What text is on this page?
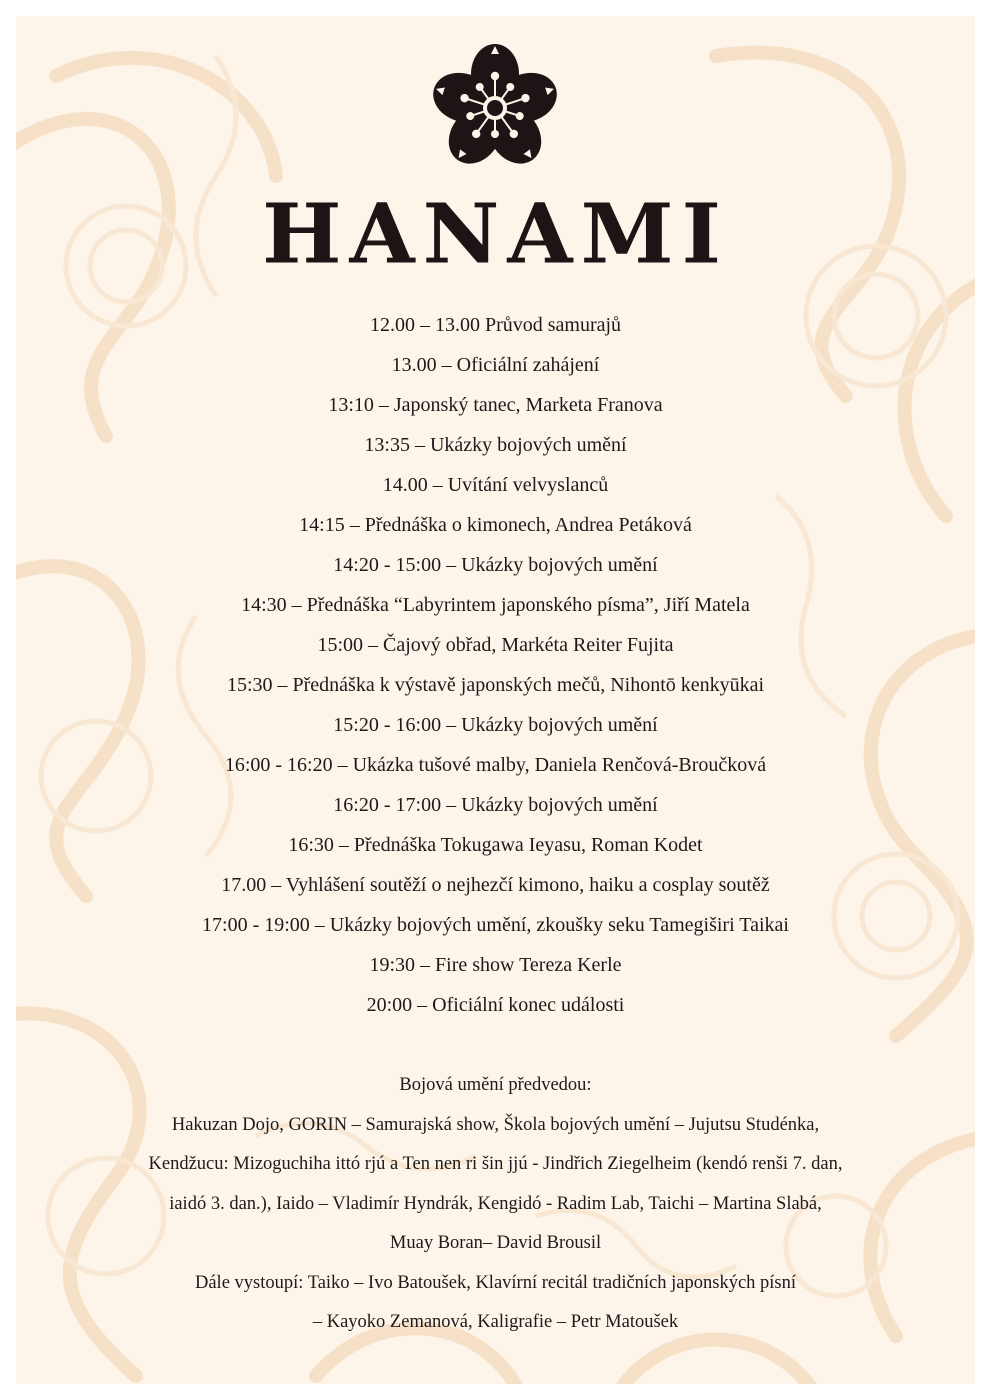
HANAMI
12.00 – 13.00 Průvod samurajů
13.00 – Oficiální zahájení
13:10 – Japonský tanec, Marketa Franova
13:35 – Ukázky bojových umění
14.00 – Uvítání velvyslanců
14:15 – Přednáška o kimonech, Andrea Petáková
14:20 - 15:00 – Ukázky bojových umění
14:30 – Přednáška “Labyrintem japonského písma”, Jiří Matela
15:00 – Čajový obřad, Markéta Reiter Fujita
15:30 – Přednáška k výstavě japonských mečů, Nihontō kenkyūkai
15:20 - 16:00 – Ukázky bojových umění
16:00 - 16:20 – Ukázka tušové malby, Daniela Renčová-Broučková
16:20 - 17:00 – Ukázky bojových umění
16:30 – Přednáška Tokugawa Ieyasu, Roman Kodet
17.00 – Vyhlášení soutěží o nejhezčí kimono, haiku a cosplay soutěž
17:00 - 19:00 – Ukázky bojových umění, zkoušky seku Tamegiširi Taikai
19:30 – Fire show Tereza Kerle
20:00 – Oficiální konec události
Bojová umění předvedou:
Hakuzan Dojo, GORIN – Samurajská show, Škola bojových umění – Jujutsu Studénka,
Kendžucu: Mizoguchiha ittó rjú a Ten nen ri šin jjú - Jindřich Ziegelheim (kendó renši 7. dan,
iaidó 3. dan.), Iaido – Vladimír Hyndrák, Kengidó - Radim Lab, Taichi – Martina Slabá,
Muay Boran– David Brousil
Dále vystoupí: Taiko – Ivo Batoušek, Klavírní recitál tradičních japonských písní
– Kayoko Zemanová, Kaligrafie – Petr Matoušek
